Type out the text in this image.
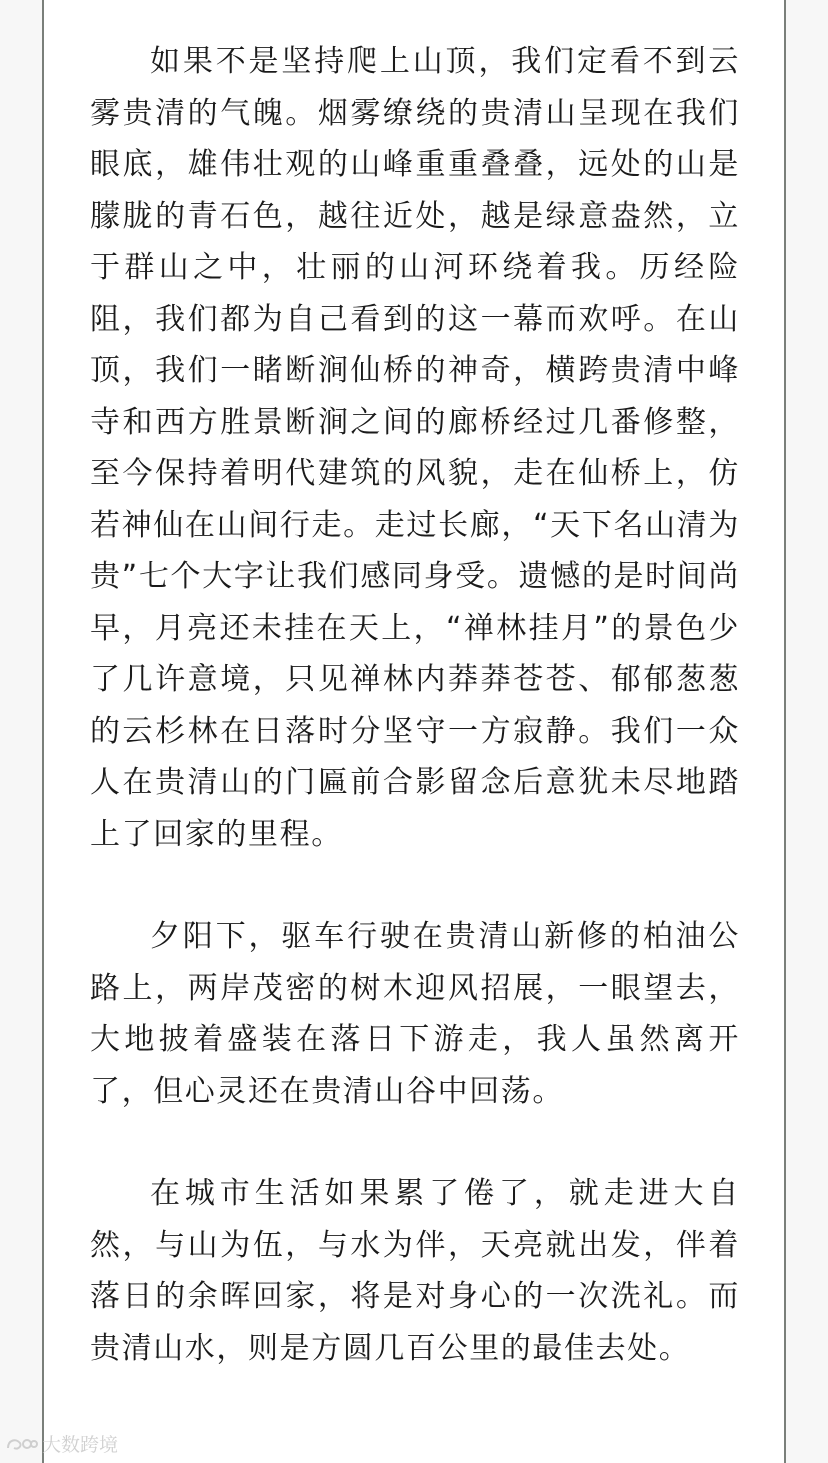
如果不是坚持爬上山顶，我们定看不到云雾贵清的气魄。烟雾缭绕的贵清山呈现在我们眼底，雄伟壮观的山峰重重叠叠，远处的山是朦胧的青石色，越往近处，越是绿意盎然，立于群山之中，壮丽的山河环绕着我。历经险阻，我们都为自己看到的这一幕而欢呼。在山顶，我们一睹断涧仙桥的神奇，横跨贵清中峰寺和西方胜景断涧之间的廊桥经过几番修整，至今保持着明代建筑的风貌，走在仙桥上，仿若神仙在山间行走。走过长廊，“天下名山清为贵”七个大字让我们感同身受。遗憾的是时间尚早，月亮还未挂在天上，“禅林挂月”的景色少了几许意境，只见禅林内莽莽苍苍、郁郁葱葱的云杉林在日落时分坚守一方寂静。我们一众人在贵清山的门匾前合影留念后意犹未尽地踏上了回家的里程。

夕阳下，驱车行驶在贵清山新修的柏油公路上，两岸茂密的树木迎风招展，一眼望去，大地披着盛装在落日下游走，我人虽然离开了，但心灵还在贵清山谷中回荡。

在城市生活如果累了倦了，就走进大自然，与山为伍，与水为伴，天亮就出发，伴着落日的余晖回家，将是对身心的一次洗礼。而贵清山水，则是方圆几百公里的最佳去处。

大数跨境
